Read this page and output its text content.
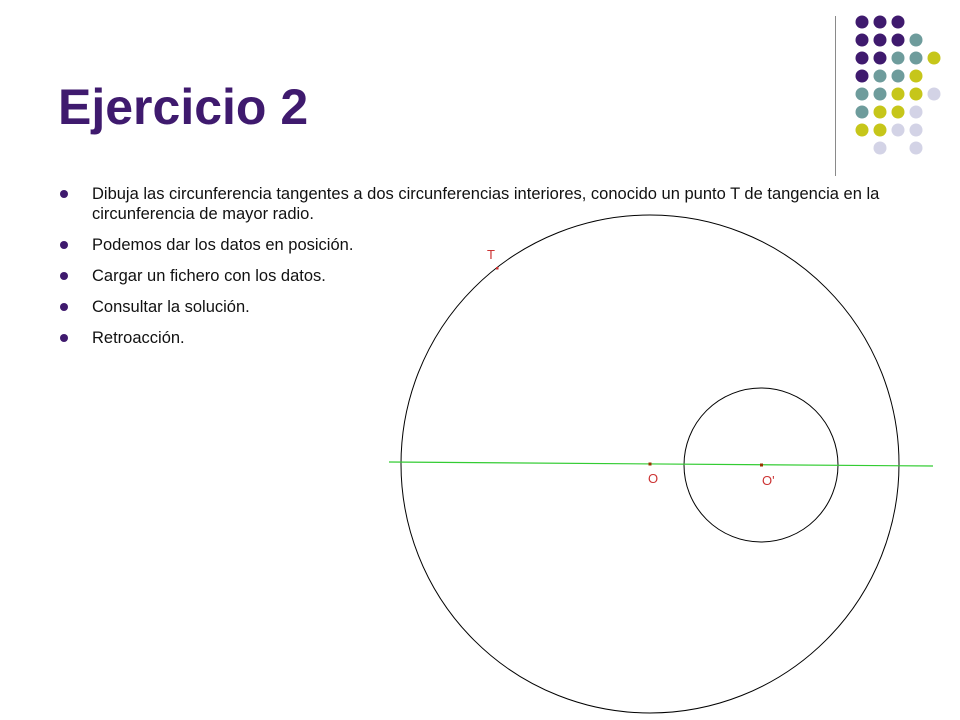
Ejercicio 2
Dibuja las circunferencia tangentes a dos circunferencias interiores, conocido un punto T de tangencia en la circunferencia de mayor radio.
Podemos dar los datos en posición.
Cargar un fichero con los datos.
Consultar la solución.
Retroacción.
T
O	O'
